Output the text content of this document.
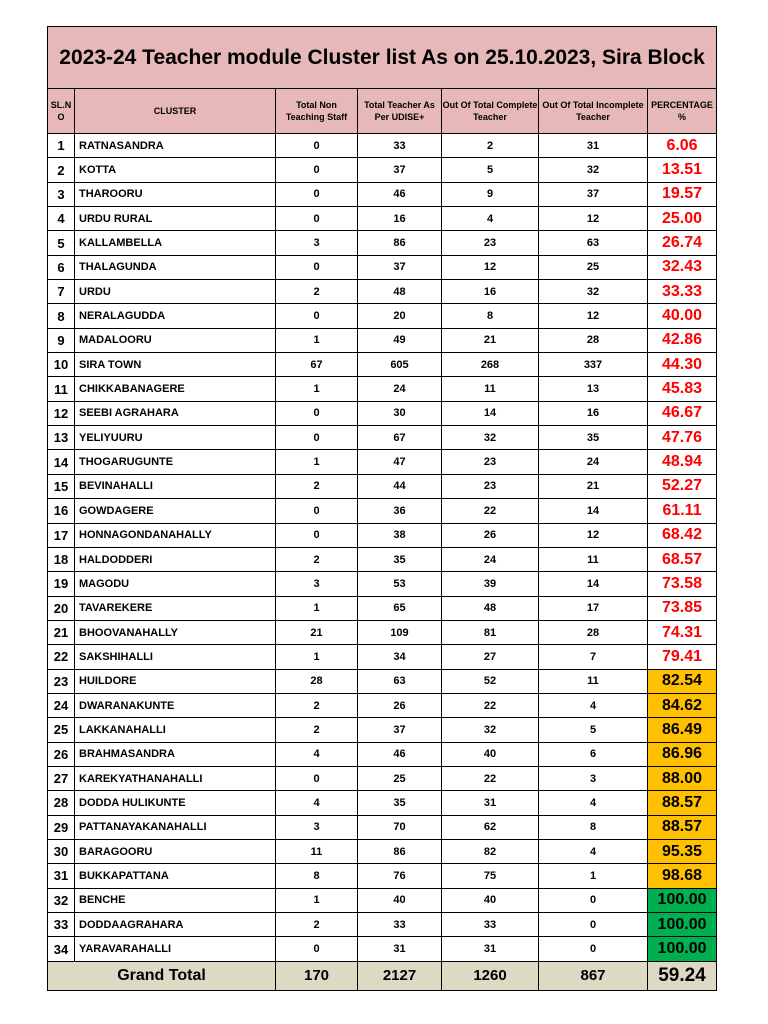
2023-24 Teacher module Cluster list As on 25.10.2023, Sira Block						
SL.N O	CLUSTER	Total Non Teaching Staff	Total Teacher As Per UDISE+	Out Of Total Complete Teacher	Out Of Total Incomplete Teacher	PERCENTAGE %
1	RATNASANDRA	0	33	2	31	6.06
2	KOTTA	0	37	5	32	13.51
3	THAROORU	0	46	9	37	19.57
4	URDU RURAL	0	16	4	12	25.00
5	KALLAMBELLA	3	86	23	63	26.74
6	THALAGUNDA	0	37	12	25	32.43
7	URDU	2	48	16	32	33.33
8	NERALAGUDDA	0	20	8	12	40.00
9	MADALOORU	1	49	21	28	42.86
10	SIRA TOWN	67	605	268	337	44.30
11	CHIKKABANAGERE	1	24	11	13	45.83
12	SEEBI AGRAHARA	0	30	14	16	46.67
13	YELIYUURU	0	67	32	35	47.76
14	THOGARUGUNTE	1	47	23	24	48.94
15	BEVINAHALLI	2	44	23	21	52.27
16	GOWDAGERE	0	36	22	14	61.11
17	HONNAGONDANAHALLY	0	38	26	12	68.42
18	HALDODDERI	2	35	24	11	68.57
19	MAGODU	3	53	39	14	73.58
20	TAVAREKERE	1	65	48	17	73.85
21	BHOOVANAHALLY	21	109	81	28	74.31
22	SAKSHIHALLI	1	34	27	7	79.41
23	HUILDORE	28	63	52	11	82.54
24	DWARANAKUNTE	2	26	22	4	84.62
25	LAKKANAHALLI	2	37	32	5	86.49
26	BRAHMASANDRA	4	46	40	6	86.96
27	KAREKYATHANAHALLI	0	25	22	3	88.00
28	DODDA HULIKUNTE	4	35	31	4	88.57
29	PATTANAYAKANAHALLI	3	70	62	8	88.57
30	BARAGOORU	11	86	82	4	95.35
31	BUKKAPATTANA	8	76	75	1	98.68
32	BENCHE	1	40	40	0	100.00
33	DODDAAGRAHARA	2	33	33	0	100.00
34	YARAVARAHALLI	0	31	31	0	100.00
Grand Total		170	2127	1260	867	59.24
